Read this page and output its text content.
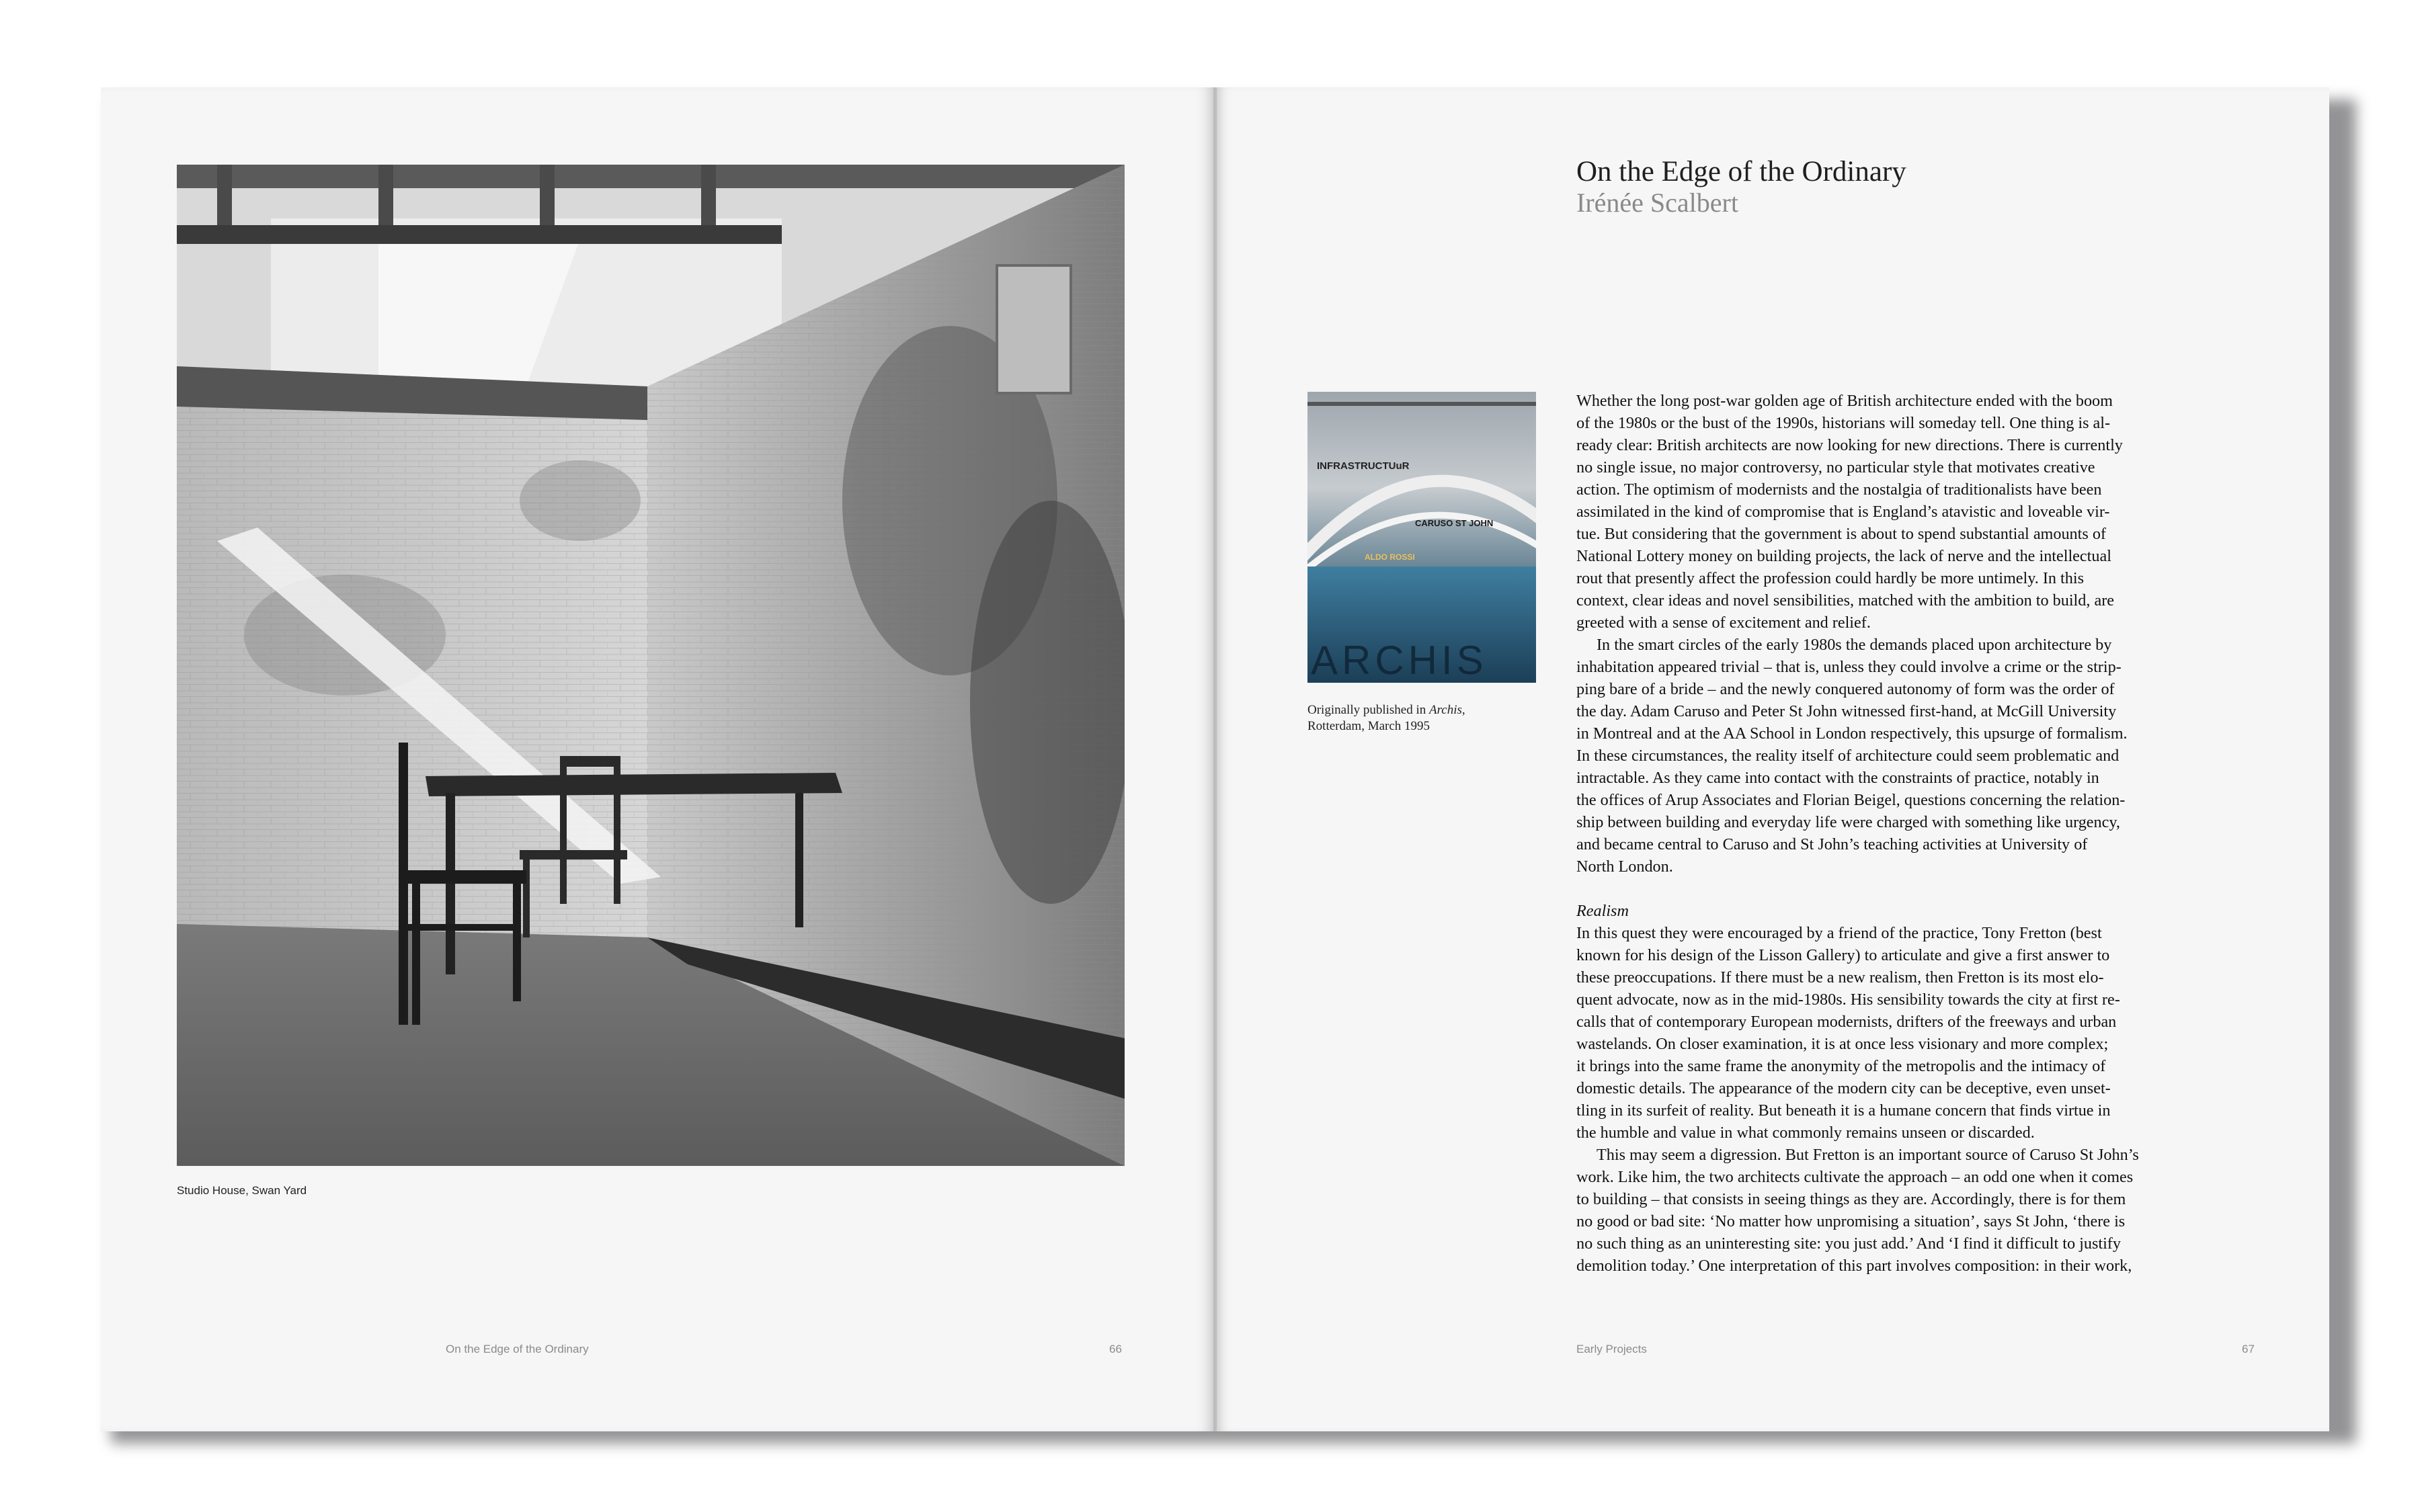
Studio House, Swan Yard
On the Edge of the Ordinary	66
On the Edge of the Ordinary
Irénée Scalbert
INFRASTRUCTUuR
CARUSO ST JOHN
ALDO ROSSI
ARCHIS
Originally published in Archis,
Rotterdam, March 1995
Whether the long post-war golden age of British architecture ended with the boom
of the 1980s or the bust of the 1990s, historians will someday tell. One thing is al-
ready clear: British architects are now looking for new directions. There is currently
no single issue, no major controversy, no particular style that motivates creative
action. The optimism of modernists and the nostalgia of traditionalists have been
assimilated in the kind of compromise that is England’s atavistic and loveable vir-
tue. But considering that the government is about to spend substantial amounts of
National Lottery money on building projects, the lack of nerve and the intellectual
rout that presently affect the profession could hardly be more untimely. In this
context, clear ideas and novel sensibilities, matched with the ambition to build, are
greeted with a sense of excitement and relief.
In the smart circles of the early 1980s the demands placed upon architecture by
inhabitation appeared trivial – that is, unless they could involve a crime or the strip-
ping bare of a bride – and the newly conquered autonomy of form was the order of
the day. Adam Caruso and Peter St John witnessed first-hand, at McGill University
in Montreal and at the AA School in London respectively, this upsurge of formalism.
In these circumstances, the reality itself of architecture could seem problematic and
intractable. As they came into contact with the constraints of practice, notably in
the offices of Arup Associates and Florian Beigel, questions concerning the relation-
ship between building and everyday life were charged with something like urgency,
and became central to Caruso and St John’s teaching activities at University of
North London.
Realism
In this quest they were encouraged by a friend of the practice, Tony Fretton (best
known for his design of the Lisson Gallery) to articulate and give a first answer to
these preoccupations. If there must be a new realism, then Fretton is its most elo-
quent advocate, now as in the mid-1980s. His sensibility towards the city at first re-
calls that of contemporary European modernists, drifters of the freeways and urban
wastelands. On closer examination, it is at once less visionary and more complex;
it brings into the same frame the anonymity of the metropolis and the intimacy of
domestic details. The appearance of the modern city can be deceptive, even unset-
tling in its surfeit of reality. But beneath it is a humane concern that finds virtue in
the humble and value in what commonly remains unseen or discarded.
This may seem a digression. But Fretton is an important source of Caruso St John’s
work. Like him, the two architects cultivate the approach – an odd one when it comes
to building – that consists in seeing things as they are. Accordingly, there is for them
no good or bad site: ‘No matter how unpromising a situation’, says St John, ‘there is
no such thing as an uninteresting site: you just add.’ And ‘I find it difficult to justify
demolition today.’ One interpretation of this part involves composition: in their work,
Early Projects	67
